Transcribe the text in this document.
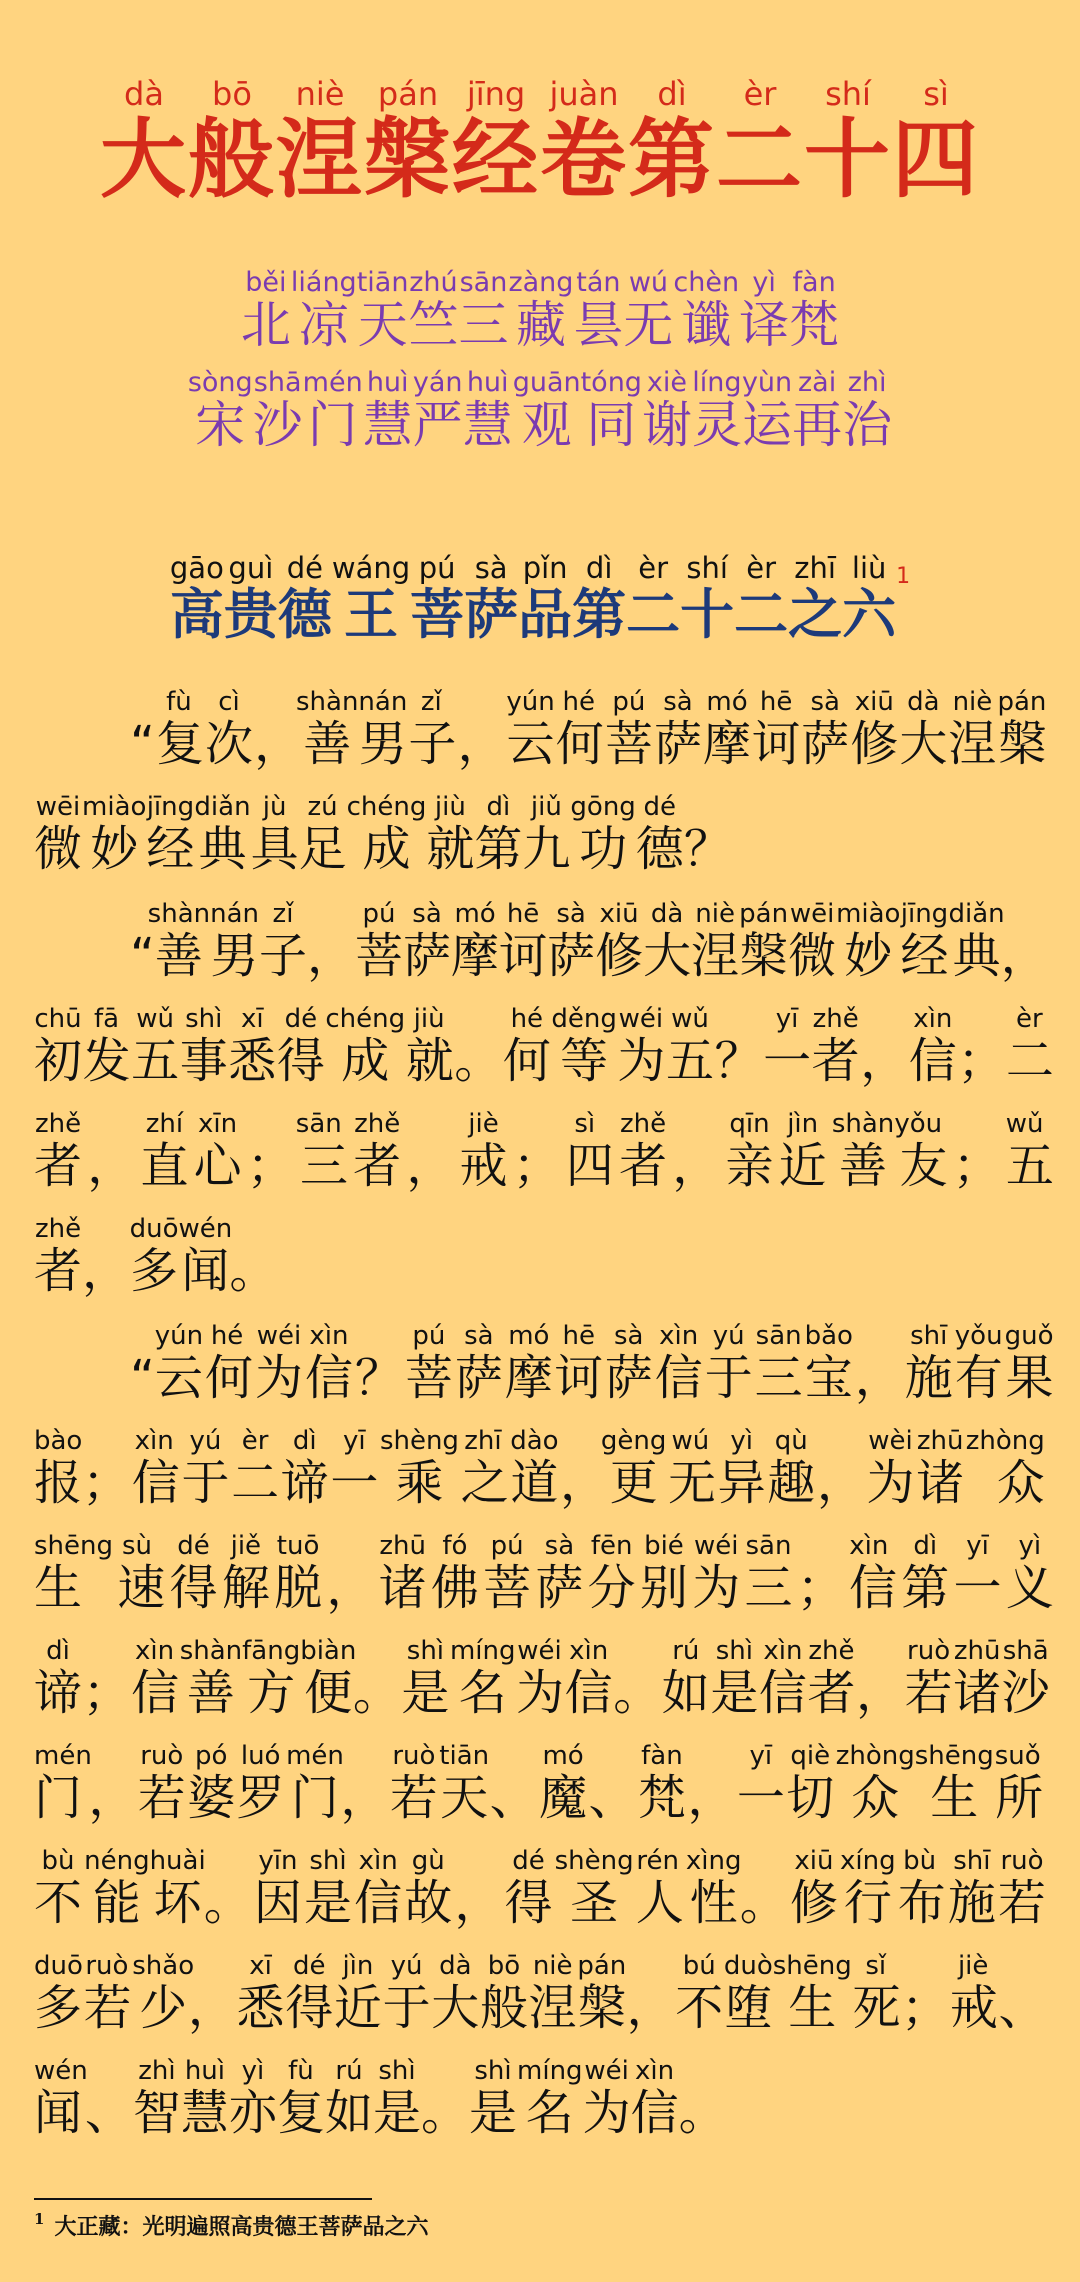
大dà般bō涅niè槃pán经jīng卷juàn第dì二èr十shí四sì
北běi凉liáng天tiān竺zhú三sān藏zàng昙tán无wú谶chèn译yì梵fàn
宋sòng沙shā门mén慧huì严yán慧huì观guān同tóng谢xiè灵líng运yùn再zài治zhì
高gāo贵guì德dé王wáng菩pú萨sà品pǐn第dì二èr十shí二èr之zhī六liù $^1$

“复fù次cì，善shàn男nán子zǐ，云yún何hé菩pú萨sà摩mó诃hē萨sà修xiū大dà涅niè槃pán微wēi妙miào经jīng典diǎn具jù足zú成chéng就jiù第dì九jiǔ功gōng德dé？

“善shàn男nán子zǐ，菩pú萨sà摩mó诃hē萨sà修xiū大dà涅niè槃pán微wēi妙miào经jīng典diǎn，初chū发fā五wǔ事shì悉xī得dé成chéng就jiù。何hé等děng为wéi五wǔ？一yī者zhě，信xìn；二èr者zhě，直zhí心xīn；三sān者zhě，戒jiè；四sì者zhě，亲qīn近jìn善shàn友yǒu；五wǔ者zhě，多duō闻wén。

“云yún何hé为wéi信xìn？菩pú萨sà摩mó诃hē萨sà信xìn于yú三sān宝bǎo，施shī有yǒu果guǒ报bào；信xìn于yú二èr谛dì一yī乘shèng之zhī道dào，更gèng无wú异yì趣qù，为wèi诸zhū众zhòng生shēng速sù得dé解jiě脱tuō，诸zhū佛fó菩pú萨sà分fēn别bié为wéi三sān；信xìn第dì一yī义yì谛dì；信xìn善shàn方fāng便biàn。是shì名míng为wéi信xìn。如rú是shì信xìn者zhě，若ruò诸zhū沙shā门mén，若ruò婆pó罗luó门mén，若ruò天tiān、魔mó、梵fàn，一yī切qiè众zhòng生shēng所suǒ不bù能néng坏huài。因yīn是shì信xìn故gù，得dé圣shèng人rén性xìng。修xiū行xíng布bù施shī若ruò多duō若ruò少shǎo，悉xī得dé近jìn于yú大dà般bō涅niè槃pán，不bú堕duò生shēng死sǐ；戒jiè、闻wén、智zhì慧huì亦yì复fù如rú是shì。是shì名míng为wéi信xìn。

$^1$ 大正藏：光明遍照高贵德王菩萨品之六
